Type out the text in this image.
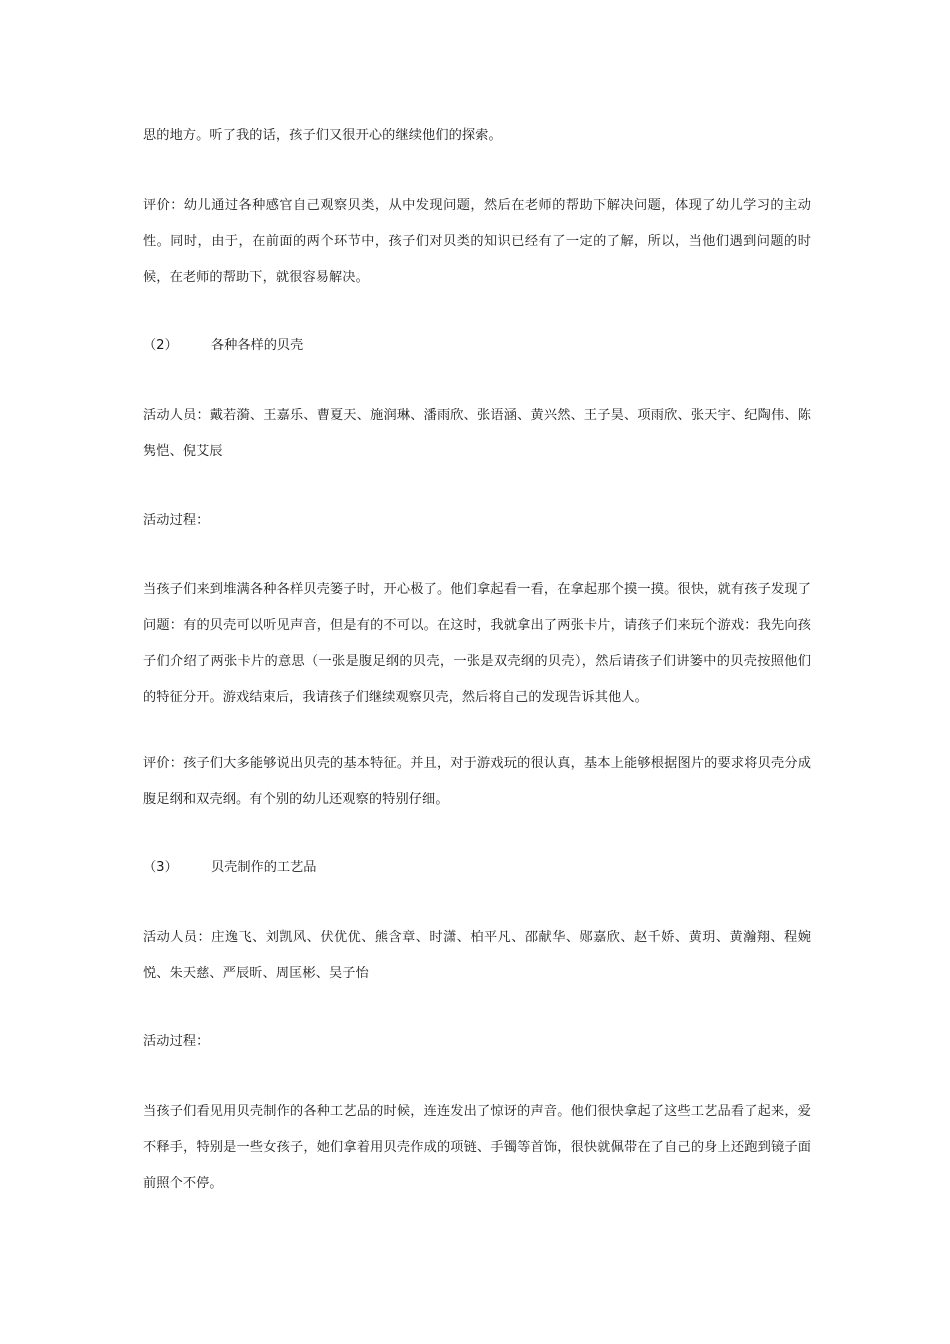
思的地方。听了我的话，孩子们又很开心的继续他们的探索。

评价：幼儿通过各种感官自己观察贝类，从中发现问题，然后在老师的帮助下解决问题，体现了幼儿学习的主动性。同时，由于，在前面的两个环节中，孩子们对贝类的知识已经有了一定的了解，所以，当他们遇到问题的时候，在老师的帮助下，就很容易解决。

（2）	各种各样的贝壳

活动人员：戴若漪、王嘉乐、曹夏天、施润琳、潘雨欣、张语涵、黄兴然、王子昊、项雨欣、张天宇、纪陶伟、陈隽恺、倪艾辰

活动过程：

当孩子们来到堆满各种各样贝壳篓子时，开心极了。他们拿起看一看，在拿起那个摸一摸。很快，就有孩子发现了问题：有的贝壳可以听见声音，但是有的不可以。在这时，我就拿出了两张卡片，请孩子们来玩个游戏：我先向孩子们介绍了两张卡片的意思（一张是腹足纲的贝壳，一张是双壳纲的贝壳），然后请孩子们讲篓中的贝壳按照他们的特征分开。游戏结束后，我请孩子们继续观察贝壳，然后将自己的发现告诉其他人。

评价：孩子们大多能够说出贝壳的基本特征。并且，对于游戏玩的很认真，基本上能够根据图片的要求将贝壳分成腹足纲和双壳纲。有个别的幼儿还观察的特别仔细。

（3）	贝壳制作的工艺品

活动人员：庄逸飞、刘凯风、伏优优、熊含章、时潇、柏平凡、邵献华、郧嘉欣、赵千娇、黄玥、黄瀚翔、程婉悦、朱天慈、严辰昕、周匡彬、吴子怡

活动过程：

当孩子们看见用贝壳制作的各种工艺品的时候，连连发出了惊讶的声音。他们很快拿起了这些工艺品看了起来，爱不释手，特别是一些女孩子，她们拿着用贝壳作成的项链、手镯等首饰，很快就佩带在了自己的身上还跑到镜子面前照个不停。
